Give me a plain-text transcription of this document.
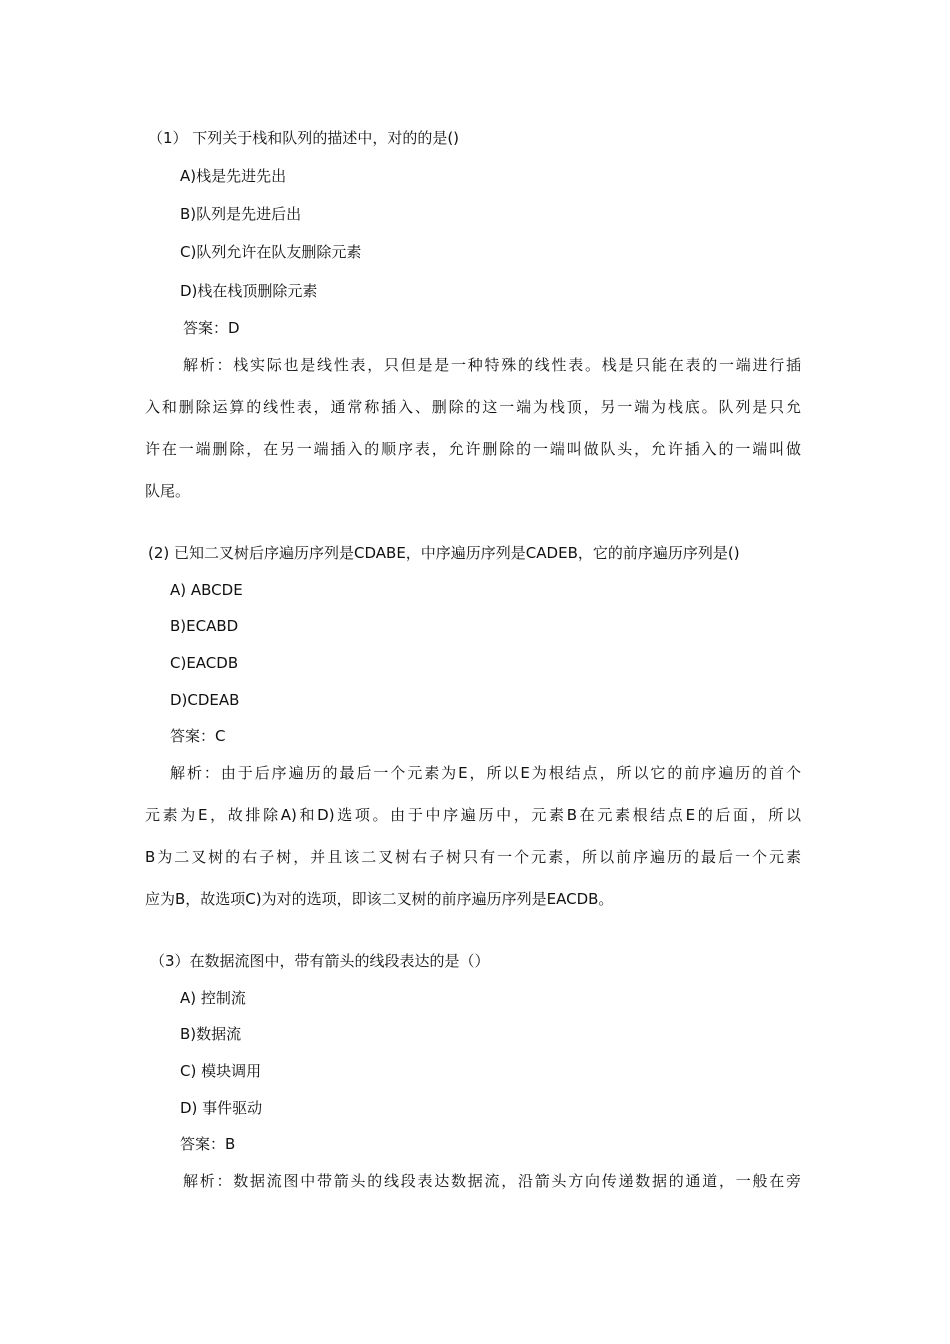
（1） 下列关于栈和队列的描述中，对的的是()
A)栈是先进先出
B)队列是先进后出
C)队列允许在队友删除元素
D)栈在栈顶删除元素
答案：D
解析：栈实际也是线性表，只但是是一种特殊的线性表。栈是只能在表的一端进行插
入和删除运算的线性表，通常称插入、删除的这一端为栈顶，另一端为栈底。队列是只允
许在一端删除，在另一端插入的顺序表，允许删除的一端叫做队头，允许插入的一端叫做
队尾。
(2) 已知二叉树后序遍历序列是CDABE，中序遍历序列是CADEB，它的前序遍历序列是()
A) ABCDE
B)ECABD
C)EACDB
D)CDEAB
答案：C
解析：由于后序遍历的最后一个元素为E，所以E为根结点，所以它的前序遍历的首个
元素为E，故排除A)和D)选项。由于中序遍历中，元素B在元素根结点E的后面，所以
B为二叉树的右子树，并且该二叉树右子树只有一个元素，所以前序遍历的最后一个元素
应为B，故选项C)为对的选项，即该二叉树的前序遍历序列是EACDB。
（3）在数据流图中，带有箭头的线段表达的是（）
A) 控制流
B)数据流
C) 模块调用
D) 事件驱动
答案：B
解析：数据流图中带箭头的线段表达数据流，沿箭头方向传递数据的通道，一般在旁
